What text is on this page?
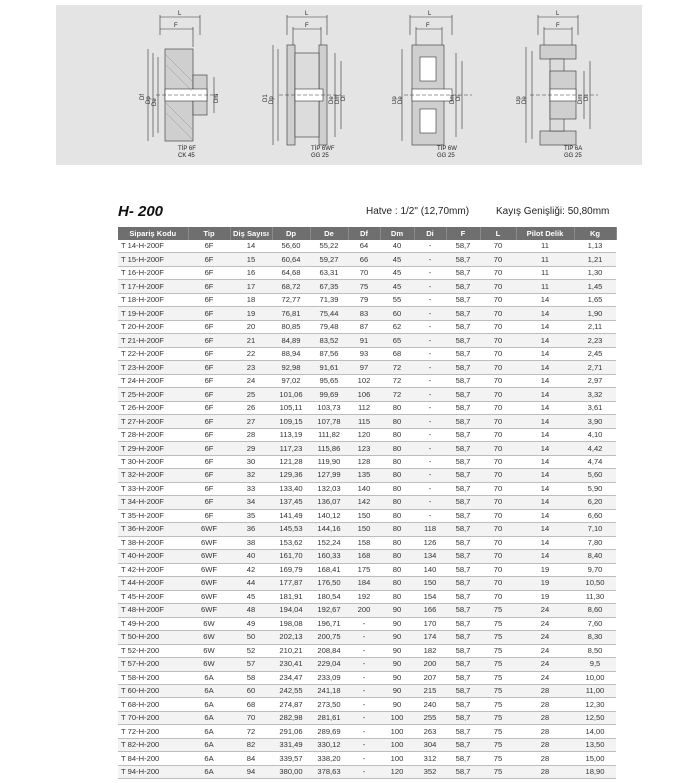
L
F
Df Dp De	Dm
TİP 6F
CK 45
L
F
D1 Dp	De Dm Di
TİP 6WF
GG 25
L
F
Dp De	Dm Di
TİP 6W
GG 25
L
F
Dp De	Dm Di
TİP 6A
GG 25
H- 200	Hatve : 1/2" (12,70mm)	Kayış Genişliği: 50,80mm
Sipariş Kodu	Tip	Diş Sayısı	Dp	De	Df	Dm	Di	F	L	Pilot Delik	Kg
T 14-H-200F	6F	14	56,60	55,22	64	40	-	58,7	70	11	1,13
T 15-H-200F	6F	15	60,64	59,27	66	45	-	58,7	70	11	1,21
T 16-H-200F	6F	16	64,68	63,31	70	45	-	58,7	70	11	1,30
T 17-H-200F	6F	17	68,72	67,35	75	45	-	58,7	70	11	1,45
T 18-H-200F	6F	18	72,77	71,39	79	55	-	58,7	70	14	1,65
T 19-H-200F	6F	19	76,81	75,44	83	60	-	58,7	70	14	1,90
T 20-H-200F	6F	20	80,85	79,48	87	62	-	58,7	70	14	2,11
T 21-H-200F	6F	21	84,89	83,52	91	65	-	58,7	70	14	2,23
T 22-H-200F	6F	22	88,94	87,56	93	68	-	58,7	70	14	2,45
T 23-H-200F	6F	23	92,98	91,61	97	72	-	58,7	70	14	2,71
T 24-H-200F	6F	24	97,02	95,65	102	72	-	58,7	70	14	2,97
T 25-H-200F	6F	25	101,06	99,69	106	72	-	58,7	70	14	3,32
T 26-H-200F	6F	26	105,11	103,73	112	80	-	58,7	70	14	3,61
T 27-H-200F	6F	27	109,15	107,78	115	80	-	58,7	70	14	3,90
T 28-H-200F	6F	28	113,19	111,82	120	80	-	58,7	70	14	4,10
T 29-H-200F	6F	29	117,23	115,86	123	80	-	58,7	70	14	4,42
T 30-H-200F	6F	30	121,28	119,90	128	80	-	58,7	70	14	4,74
T 32-H-200F	6F	32	129,36	127,99	135	80	-	58,7	70	14	5,60
T 33-H-200F	6F	33	133,40	132,03	140	80	-	58,7	70	14	5,90
T 34-H-200F	6F	34	137,45	136,07	142	80	-	58,7	70	14	6,20
T 35-H-200F	6F	35	141,49	140,12	150	80	-	58,7	70	14	6,60
T 36-H-200F	6WF	36	145,53	144,16	150	80	118	58,7	70	14	7,10
T 38-H-200F	6WF	38	153,62	152,24	158	80	126	58,7	70	14	7,80
T 40-H-200F	6WF	40	161,70	160,33	168	80	134	58,7	70	14	8,40
T 42-H-200F	6WF	42	169,79	168,41	175	80	140	58,7	70	19	9,70
T 44-H-200F	6WF	44	177,87	176,50	184	80	150	58,7	70	19	10,50
T 45-H-200F	6WF	45	181,91	180,54	192	80	154	58,7	70	19	11,30
T 48-H-200F	6WF	48	194,04	192,67	200	90	166	58,7	75	24	8,60
T 49-H-200	6W	49	198,08	196,71	-	90	170	58,7	75	24	7,60
T 50-H-200	6W	50	202,13	200,75	-	90	174	58,7	75	24	8,30
T 52-H-200	6W	52	210,21	208,84	-	90	182	58,7	75	24	8,50
T 57-H-200	6W	57	230,41	229,04	-	90	200	58,7	75	24	9,5
T 58-H-200	6A	58	234,47	233,09	-	90	207	58,7	75	24	10,00
T 60-H-200	6A	60	242,55	241,18	-	90	215	58,7	75	28	11,00
T 68-H-200	6A	68	274,87	273,50	-	90	240	58,7	75	28	12,30
T 70-H-200	6A	70	282,98	281,61	-	100	255	58,7	75	28	12,50
T 72-H-200	6A	72	291,06	289,69	-	100	263	58,7	75	28	14,00
T 82-H-200	6A	82	331,49	330,12	-	100	304	58,7	75	28	13,50
T 84-H-200	6A	84	339,57	338,20	-	100	312	58,7	75	28	15,00
T 94-H-200	6A	94	380,00	378,63	-	120	352	58,7	75	28	18,90
